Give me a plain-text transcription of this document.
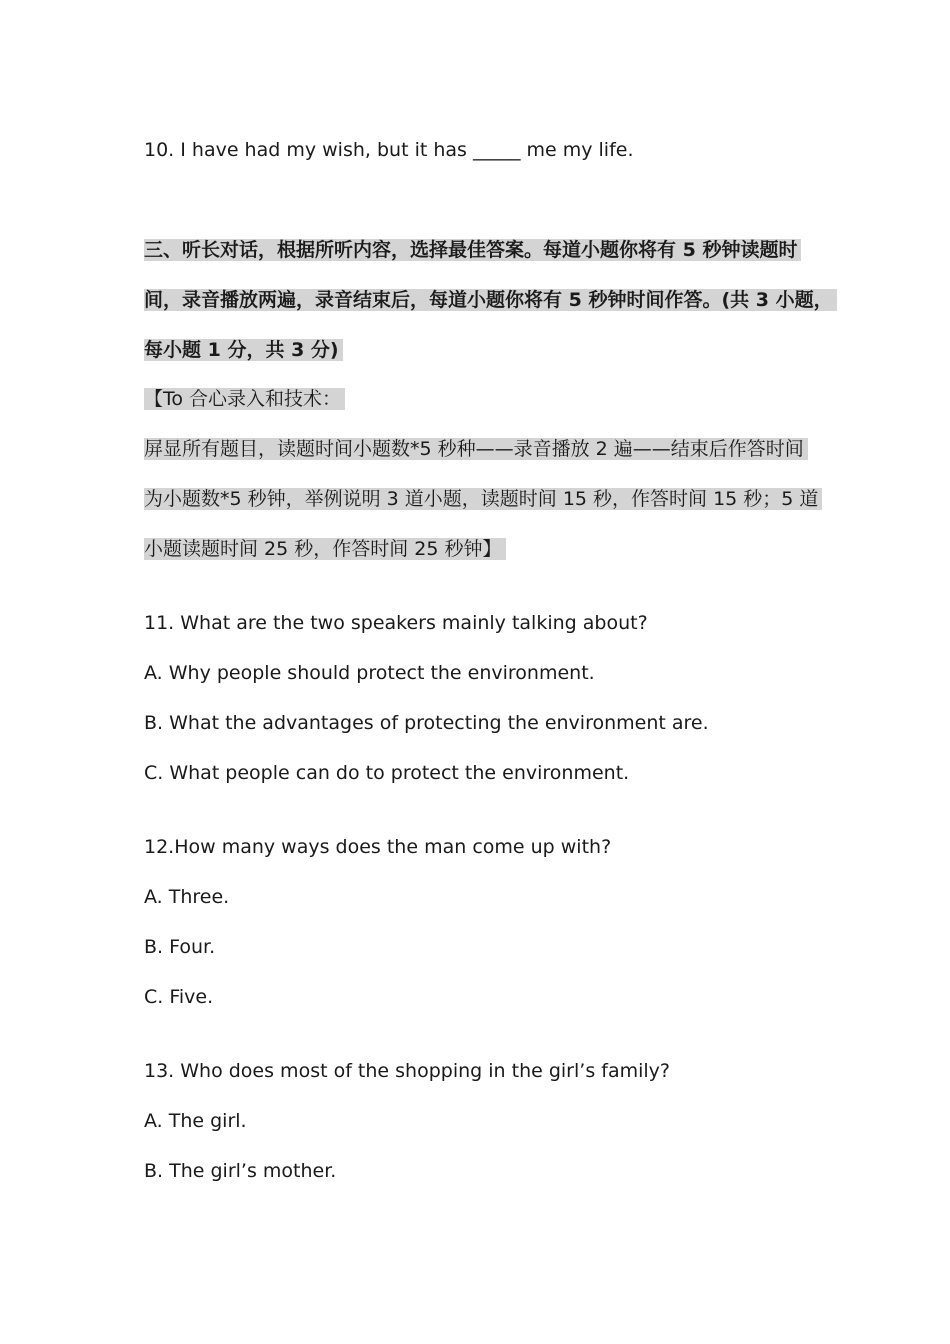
10. I have had my wish, but it has _____ me my life.
三、听长对话，根据所听内容，选择最佳答案。每道小题你将有 5 秒钟读题时
间，录音播放两遍，录音结束后，每道小题你将有 5 秒钟时间作答。(共 3 小题，
每小题 1 分，共 3 分)
【To 合心录入和技术：
屏显所有题目，读题时间小题数*5 秒种——录音播放 2 遍——结束后作答时间
为小题数*5 秒钟，举例说明 3 道小题，读题时间 15 秒，作答时间 15 秒；5 道
小题读题时间 25 秒，作答时间 25 秒钟】
11. What are the two speakers mainly talking about?
A. Why people should protect the environment.
B. What the advantages of protecting the environment are.
C. What people can do to protect the environment.
12.How many ways does the man come up with?
A. Three.
B. Four.
C. Five.
13. Who does most of the shopping in the girl’s family?
A. The girl.
B. The girl’s mother.
